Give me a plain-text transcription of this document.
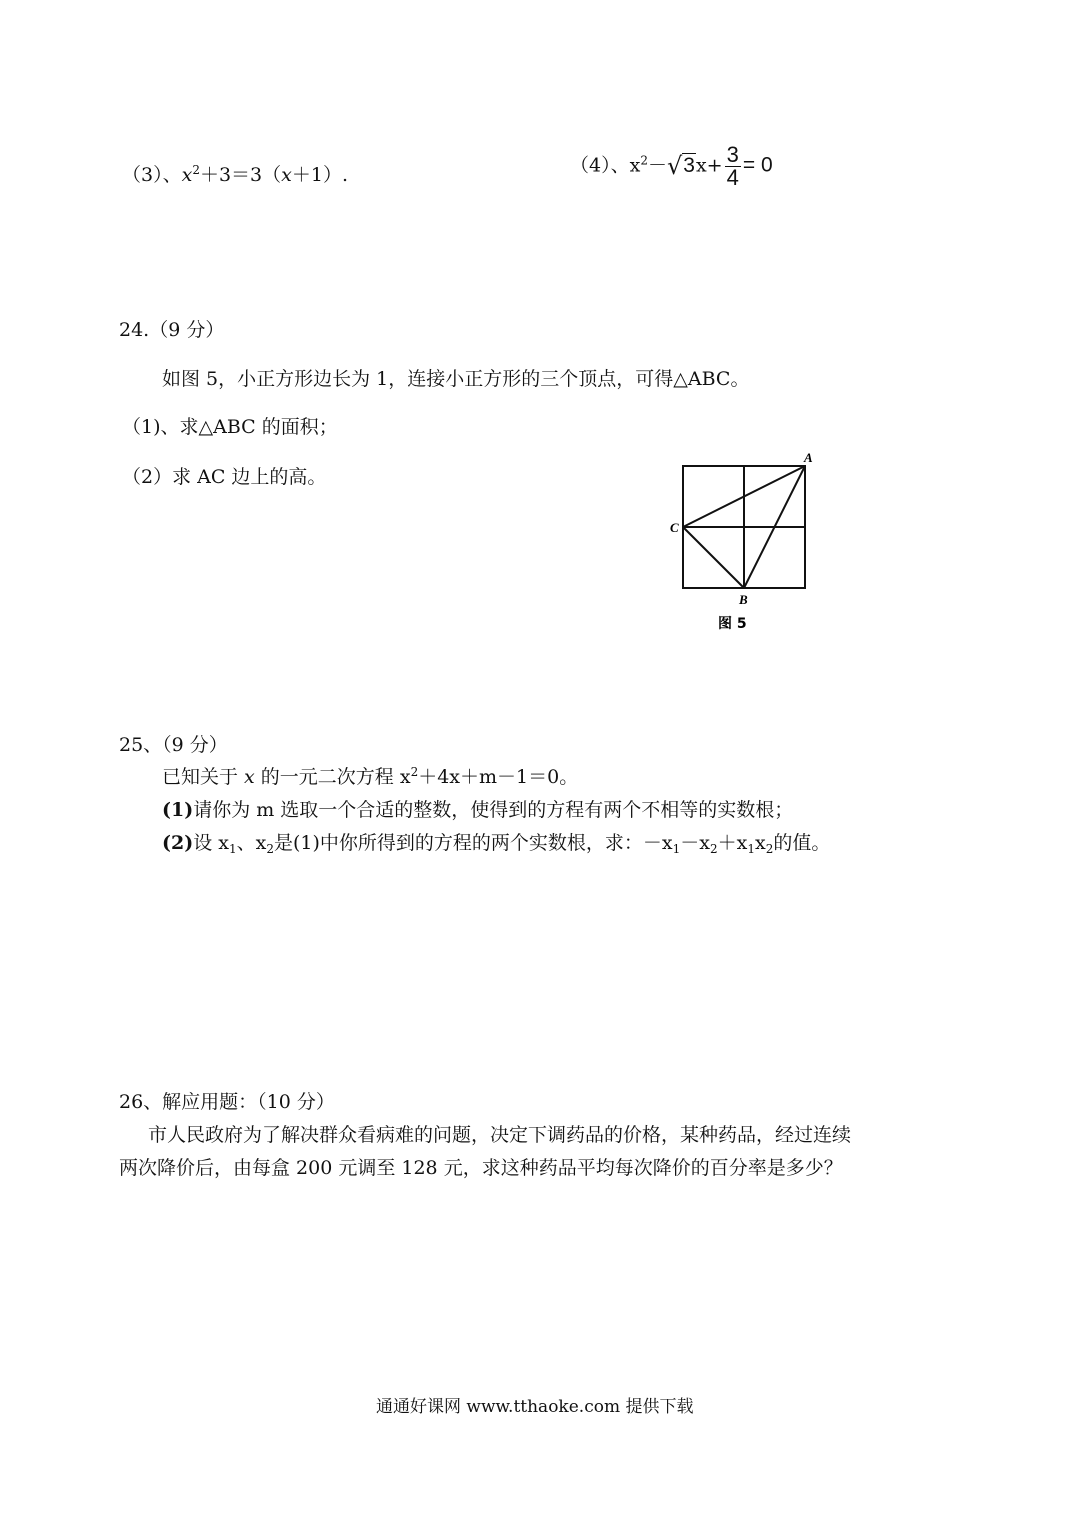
（3）、$x^2+3=3(x+1)$.	（4）、$x^2-√3x+ \frac{3}{4} = 0$
24.（9 分）
如图 5，小正方形边长为 1，连接小正方形的三个顶点，可得△ABC。
（1)、求△ABC 的面积；
（2）求 AC 边上的高。
A
C
B
图 5
25、（9 分）
已知关于 x 的一元二次方程 $x^2+4x+m-1=0$。
(1)请你为 m 选取一个合适的整数，使得到的方程有两个不相等的实数根；
(2)设 $x_1$、$x_2$是(1)中你所得到的方程的两个实数根，求：$-x_1-x_2+x_1x_2$的值。
26、解应用题：（10 分）
市人民政府为了解决群众看病难的问题，决定下调药品的价格，某种药品，经过连续
两次降价后，由每盒 200 元调至 128 元，求这种药品平均每次降价的百分率是多少？
通通好课网 www.tthaoke.com 提供下载
